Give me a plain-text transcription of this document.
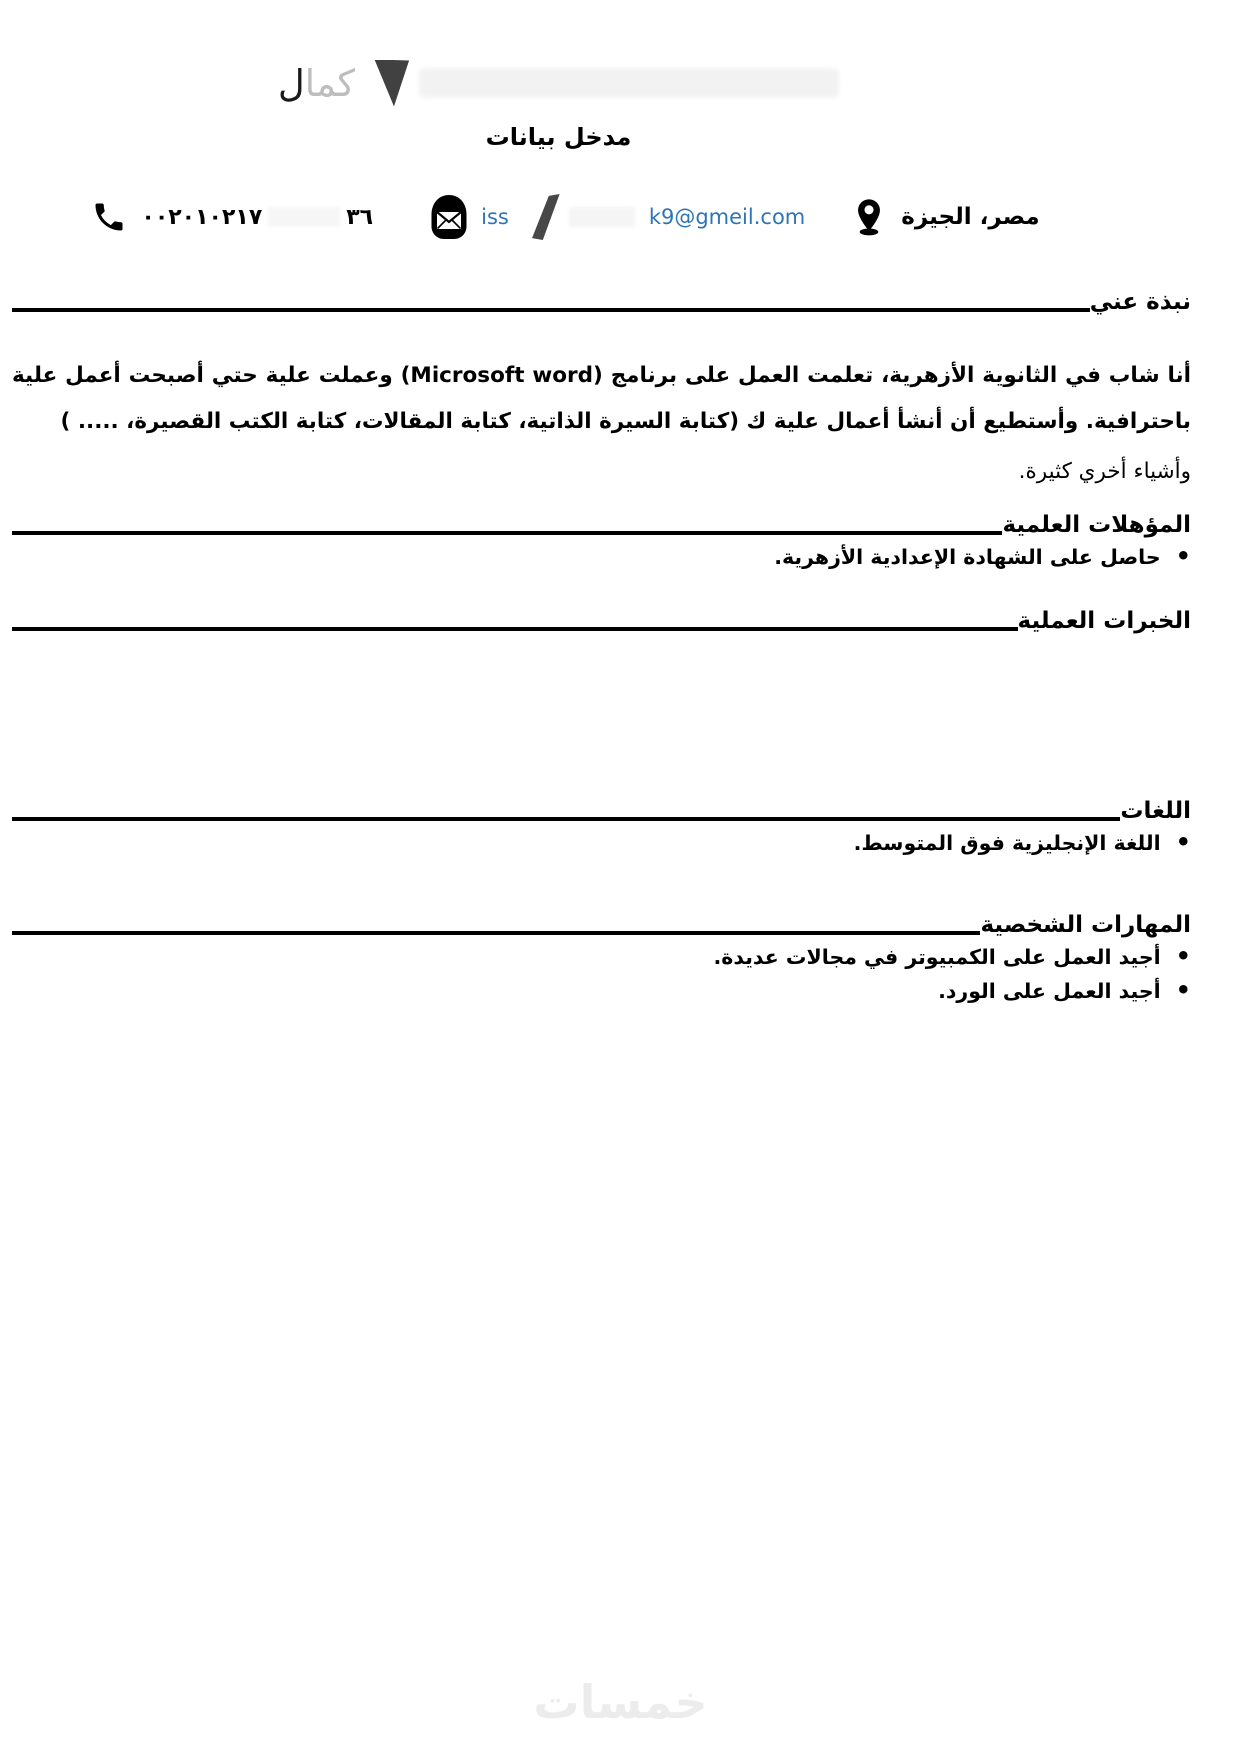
كمال
مدخل بيانات
٠٠٢٠١٠٢١٧	٣٦	iss	k9@gmeil.com	مصر، الجيزة
نبذة عني

أنا شاب في الثانوية الأزهرية، تعلمت العمل على برنامج (Microsoft word) وعملت علية حتي أصبحت أعمل علية باحترافية. وأستطيع أن أنشأ أعمال علية ك (كتابة السيرة الذاتية، كتابة المقالات، كتابة الكتب القصيرة، ..... )

وأشياء أخري كثيرة.

المؤهلات العلمية
• حاصل على الشهادة الإعدادية الأزهرية.
الخبرات العملية
اللغات
• اللغة الإنجليزية فوق المتوسط.
المهارات الشخصية
• أجيد العمل على الكمبيوتر في مجالات عديدة.
• أجيد العمل على الورد.
خمسات
